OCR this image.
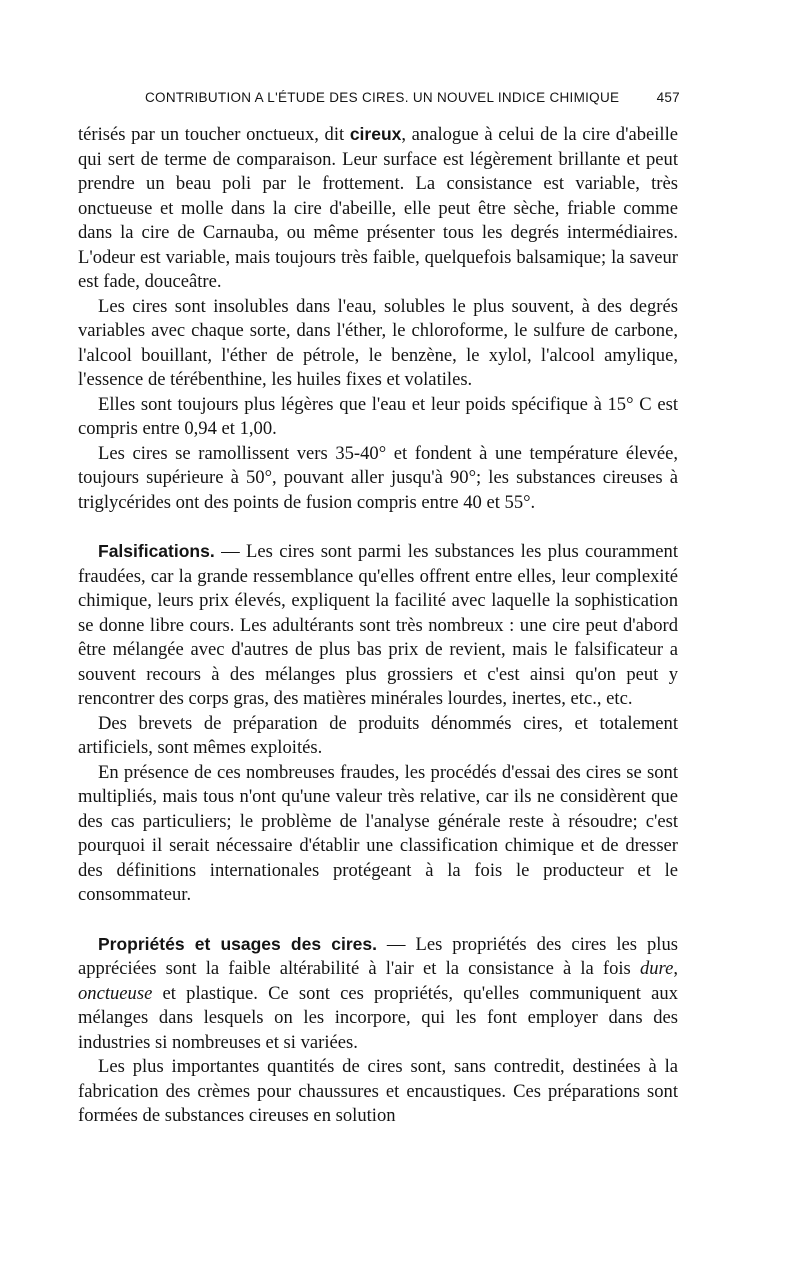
CONTRIBUTION A L'ÉTUDE DES CIRES. UN NOUVEL INDICE CHIMIQUE	457

térisés par un toucher onctueux, dit cireux, analogue à celui de la cire d'abeille qui sert de terme de comparaison. Leur surface est légèrement brillante et peut prendre un beau poli par le frottement. La consistance est variable, très onctueuse et molle dans la cire d'abeille, elle peut être sèche, friable comme dans la cire de Carnauba, ou même présenter tous les degrés intermédiaires. L'odeur est variable, mais toujours très faible, quelquefois balsamique; la saveur est fade, douceâtre.

Les cires sont insolubles dans l'eau, solubles le plus souvent, à des degrés variables avec chaque sorte, dans l'éther, le chloroforme, le sulfure de carbone, l'alcool bouillant, l'éther de pétrole, le benzène, le xylol, l'alcool amylique, l'essence de térébenthine, les huiles fixes et volatiles.

Elles sont toujours plus légères que l'eau et leur poids spécifique à 15° C est compris entre 0,94 et 1,00.

Les cires se ramollissent vers 35-40° et fondent à une température élevée, toujours supérieure à 50°, pouvant aller jusqu'à 90°; les substances cireuses à triglycérides ont des points de fusion compris entre 40 et 55°.

Falsifications. — Les cires sont parmi les substances les plus couramment fraudées, car la grande ressemblance qu'elles offrent entre elles, leur complexité chimique, leurs prix élevés, expliquent la facilité avec laquelle la sophistication se donne libre cours. Les adultérants sont très nombreux : une cire peut d'abord être mélangée avec d'autres de plus bas prix de revient, mais le falsificateur a souvent recours à des mélanges plus grossiers et c'est ainsi qu'on peut y rencontrer des corps gras, des matières minérales lourdes, inertes, etc., etc.

Des brevets de préparation de produits dénommés cires, et totalement artificiels, sont mêmes exploités.

En présence de ces nombreuses fraudes, les procédés d'essai des cires se sont multipliés, mais tous n'ont qu'une valeur très relative, car ils ne considèrent que des cas particuliers; le problème de l'analyse générale reste à résoudre; c'est pourquoi il serait nécessaire d'établir une classification chimique et de dresser des définitions internationales protégeant à la fois le producteur et le consommateur.

Propriétés et usages des cires. — Les propriétés des cires les plus appréciées sont la faible altérabilité à l'air et la consistance à la fois dure, onctueuse et plastique. Ce sont ces propriétés, qu'elles communiquent aux mélanges dans lesquels on les incorpore, qui les font employer dans des industries si nombreuses et si variées.

Les plus importantes quantités de cires sont, sans contredit, destinées à la fabrication des crèmes pour chaussures et encaustiques. Ces préparations sont formées de substances cireuses en solution
